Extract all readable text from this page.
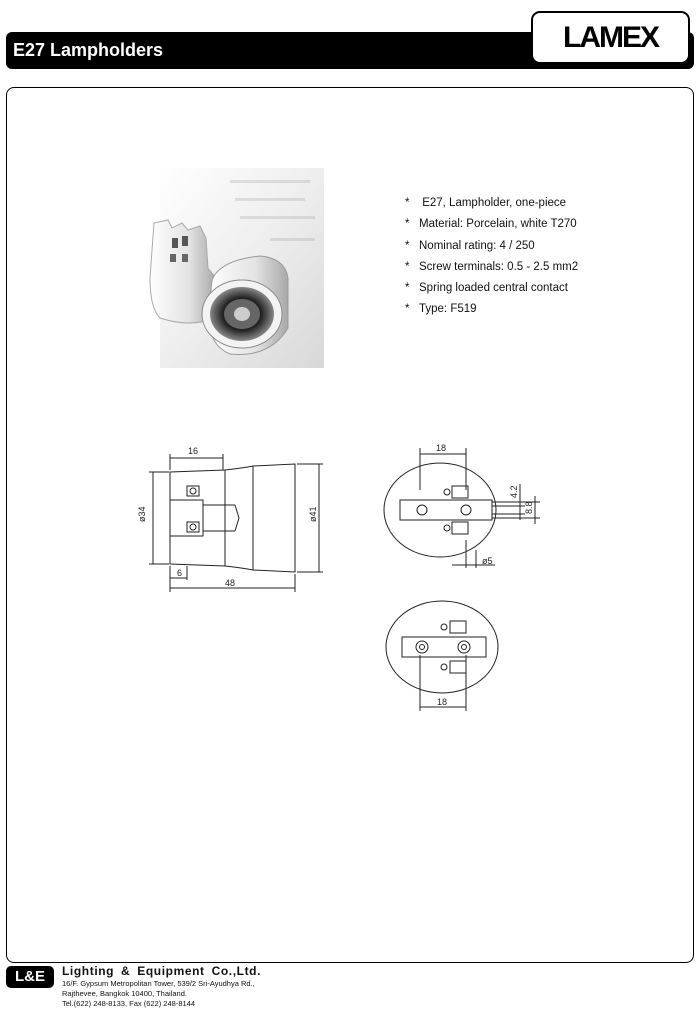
E27 Lampholders	LAMEX
* E27, Lampholder, one-piece
* Material: Porcelain, white T270
* Nominal rating: 4 / 250
* Screw terminals: 0.5 - 2.5 mm2
* Spring loaded central contact
* Type: F519
16
ø34	ø41
6
48
18
4.2
8.8
ø5
18
L&E	Lighting & Equipment Co.,Ltd.
16/F. Gypsum Metropolitan Tower, 539/2 Sri-Ayudhya Rd.,
Rajthevee, Bangkok 10400, Thailand.
Tel.(622) 248-8133, Fax (622) 248-8144
